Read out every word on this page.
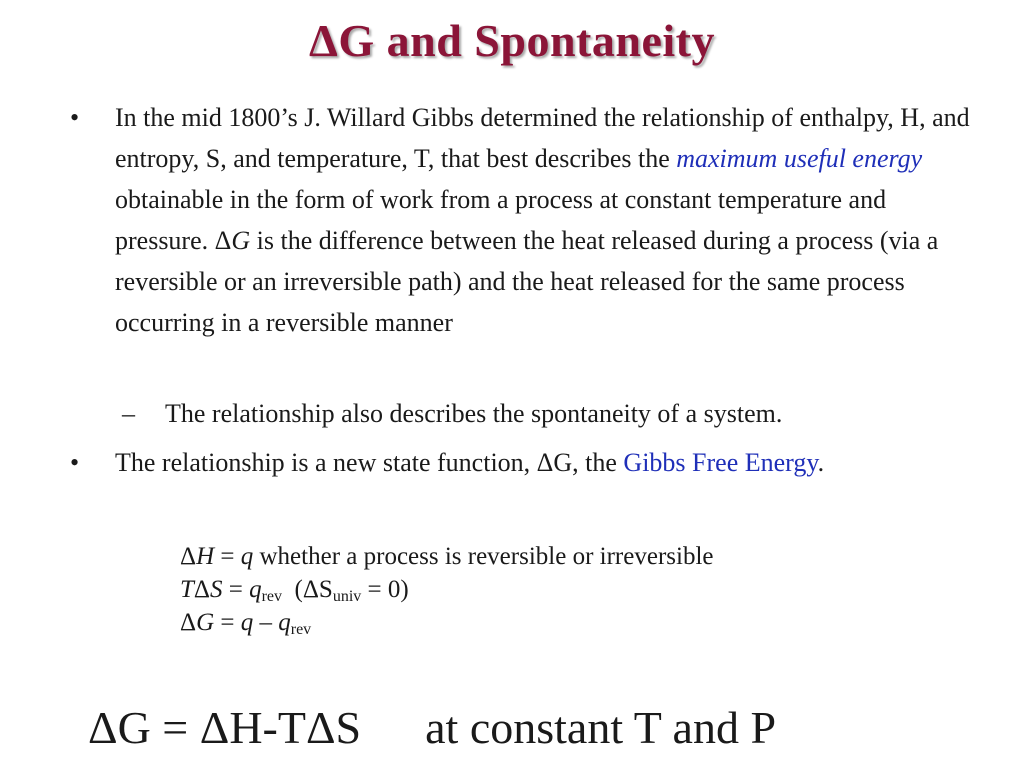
ΔG and Spontaneity
• In the mid 1800’s J. Willard Gibbs determined the relationship of enthalpy, H, and entropy, S, and temperature, T, that best describes the maximum useful energy obtainable in the form of work from a process at constant temperature and pressure. ΔG is the difference between the heat released during a process (via a reversible or an irreversible path) and the heat released for the same process occurring in a reversible manner
– The relationship also describes the spontaneity of a system.
• The relationship is a new state function, ΔG, the Gibbs Free Energy.
ΔH = q whether a process is reversible or irreversible
$T\Delta S = q_{rev}$  $(\Delta S_{univ} = 0)$
$\Delta G = q - q_{rev}$
ΔG = ΔH-TΔS at constant T and P
